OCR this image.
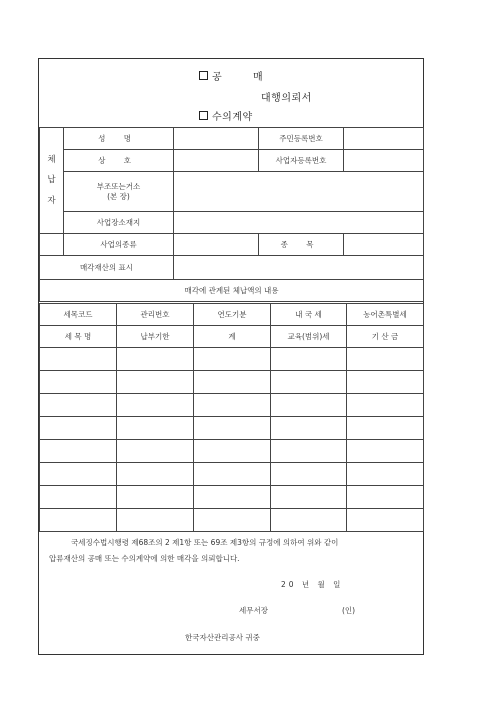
공	매
대행의뢰서
수의계약
체
납
자	성 명		주민등록번호	
	상 호		사업자등록번호	
	부조또는거소
(본 장)			
	사업장소재지			
	사업의종류		종 목	
매각재산의 표시				
매각에 관계된 체납액의 내용				
세목코드	관리번호	연도기분	내 국 세	농어촌특별세
세 목 명	납부기한	계	교육(범위)세	기 산 금

국세징수법시행령 제68조의 2 제1항 또는 69조 제3항의 규정에 의하여 위와 같이
압류재산의 공매 또는 수의계약에 의한 매각을 의뢰합니다.
20 년 월 일
세무서장	(인)
한국자산관리공사 귀중
